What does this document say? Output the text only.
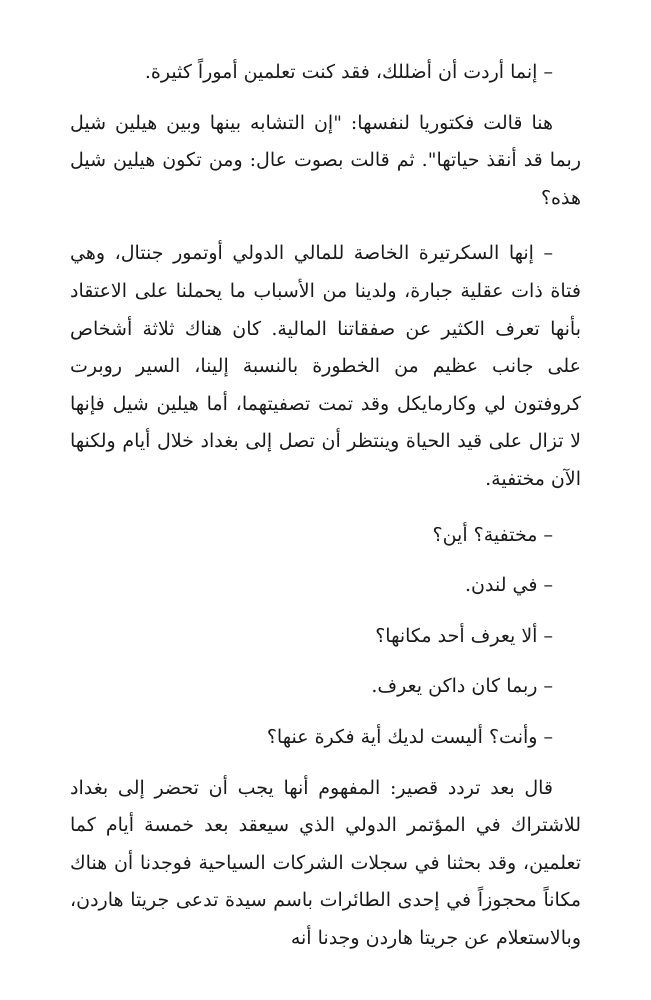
– إنما أردت أن أضللك، فقد كنت تعلمين أموراً كثيرة.

هنا قالت فكتوريا لنفسها: "إن التشابه بينها وبين هيلين شيل ربما قد أنقذ حياتها". ثم قالت بصوت عال: ومن تكون هيلين شيل هذه؟

– إنها السكرتيرة الخاصة للمالي الدولي أوتمور جنتال، وهي فتاة ذات عقلية جبارة، ولدينا من الأسباب ما يحملنا على الاعتقاد بأنها تعرف الكثير عن صفقاتنا المالية. كان هناك ثلاثة أشخاص على جانب عظيم من الخطورة بالنسبة إلينا، السير روبرت كروفتون لي وكارمايكل وقد تمت تصفيتهما، أما هيلين شيل فإنها لا تزال على قيد الحياة وينتظر أن تصل إلى بغداد خلال أيام ولكنها الآن مختفية.

– مختفية؟ أين؟

– في لندن.

– ألا يعرف أحد مكانها؟

– ربما كان داكن يعرف.

– وأنت؟ أليست لديك أية فكرة عنها؟

قال بعد تردد قصير: المفهوم أنها يجب أن تحضر إلى بغداد للاشتراك في المؤتمر الدولي الذي سيعقد بعد خمسة أيام كما تعلمين، وقد بحثنا في سجلات الشركات السياحية فوجدنا أن هناك مكاناً محجوزاً في إحدى الطائرات باسم سيدة تدعى جريتا هاردن، وبالاستعلام عن جريتا هاردن وجدنا أنه
